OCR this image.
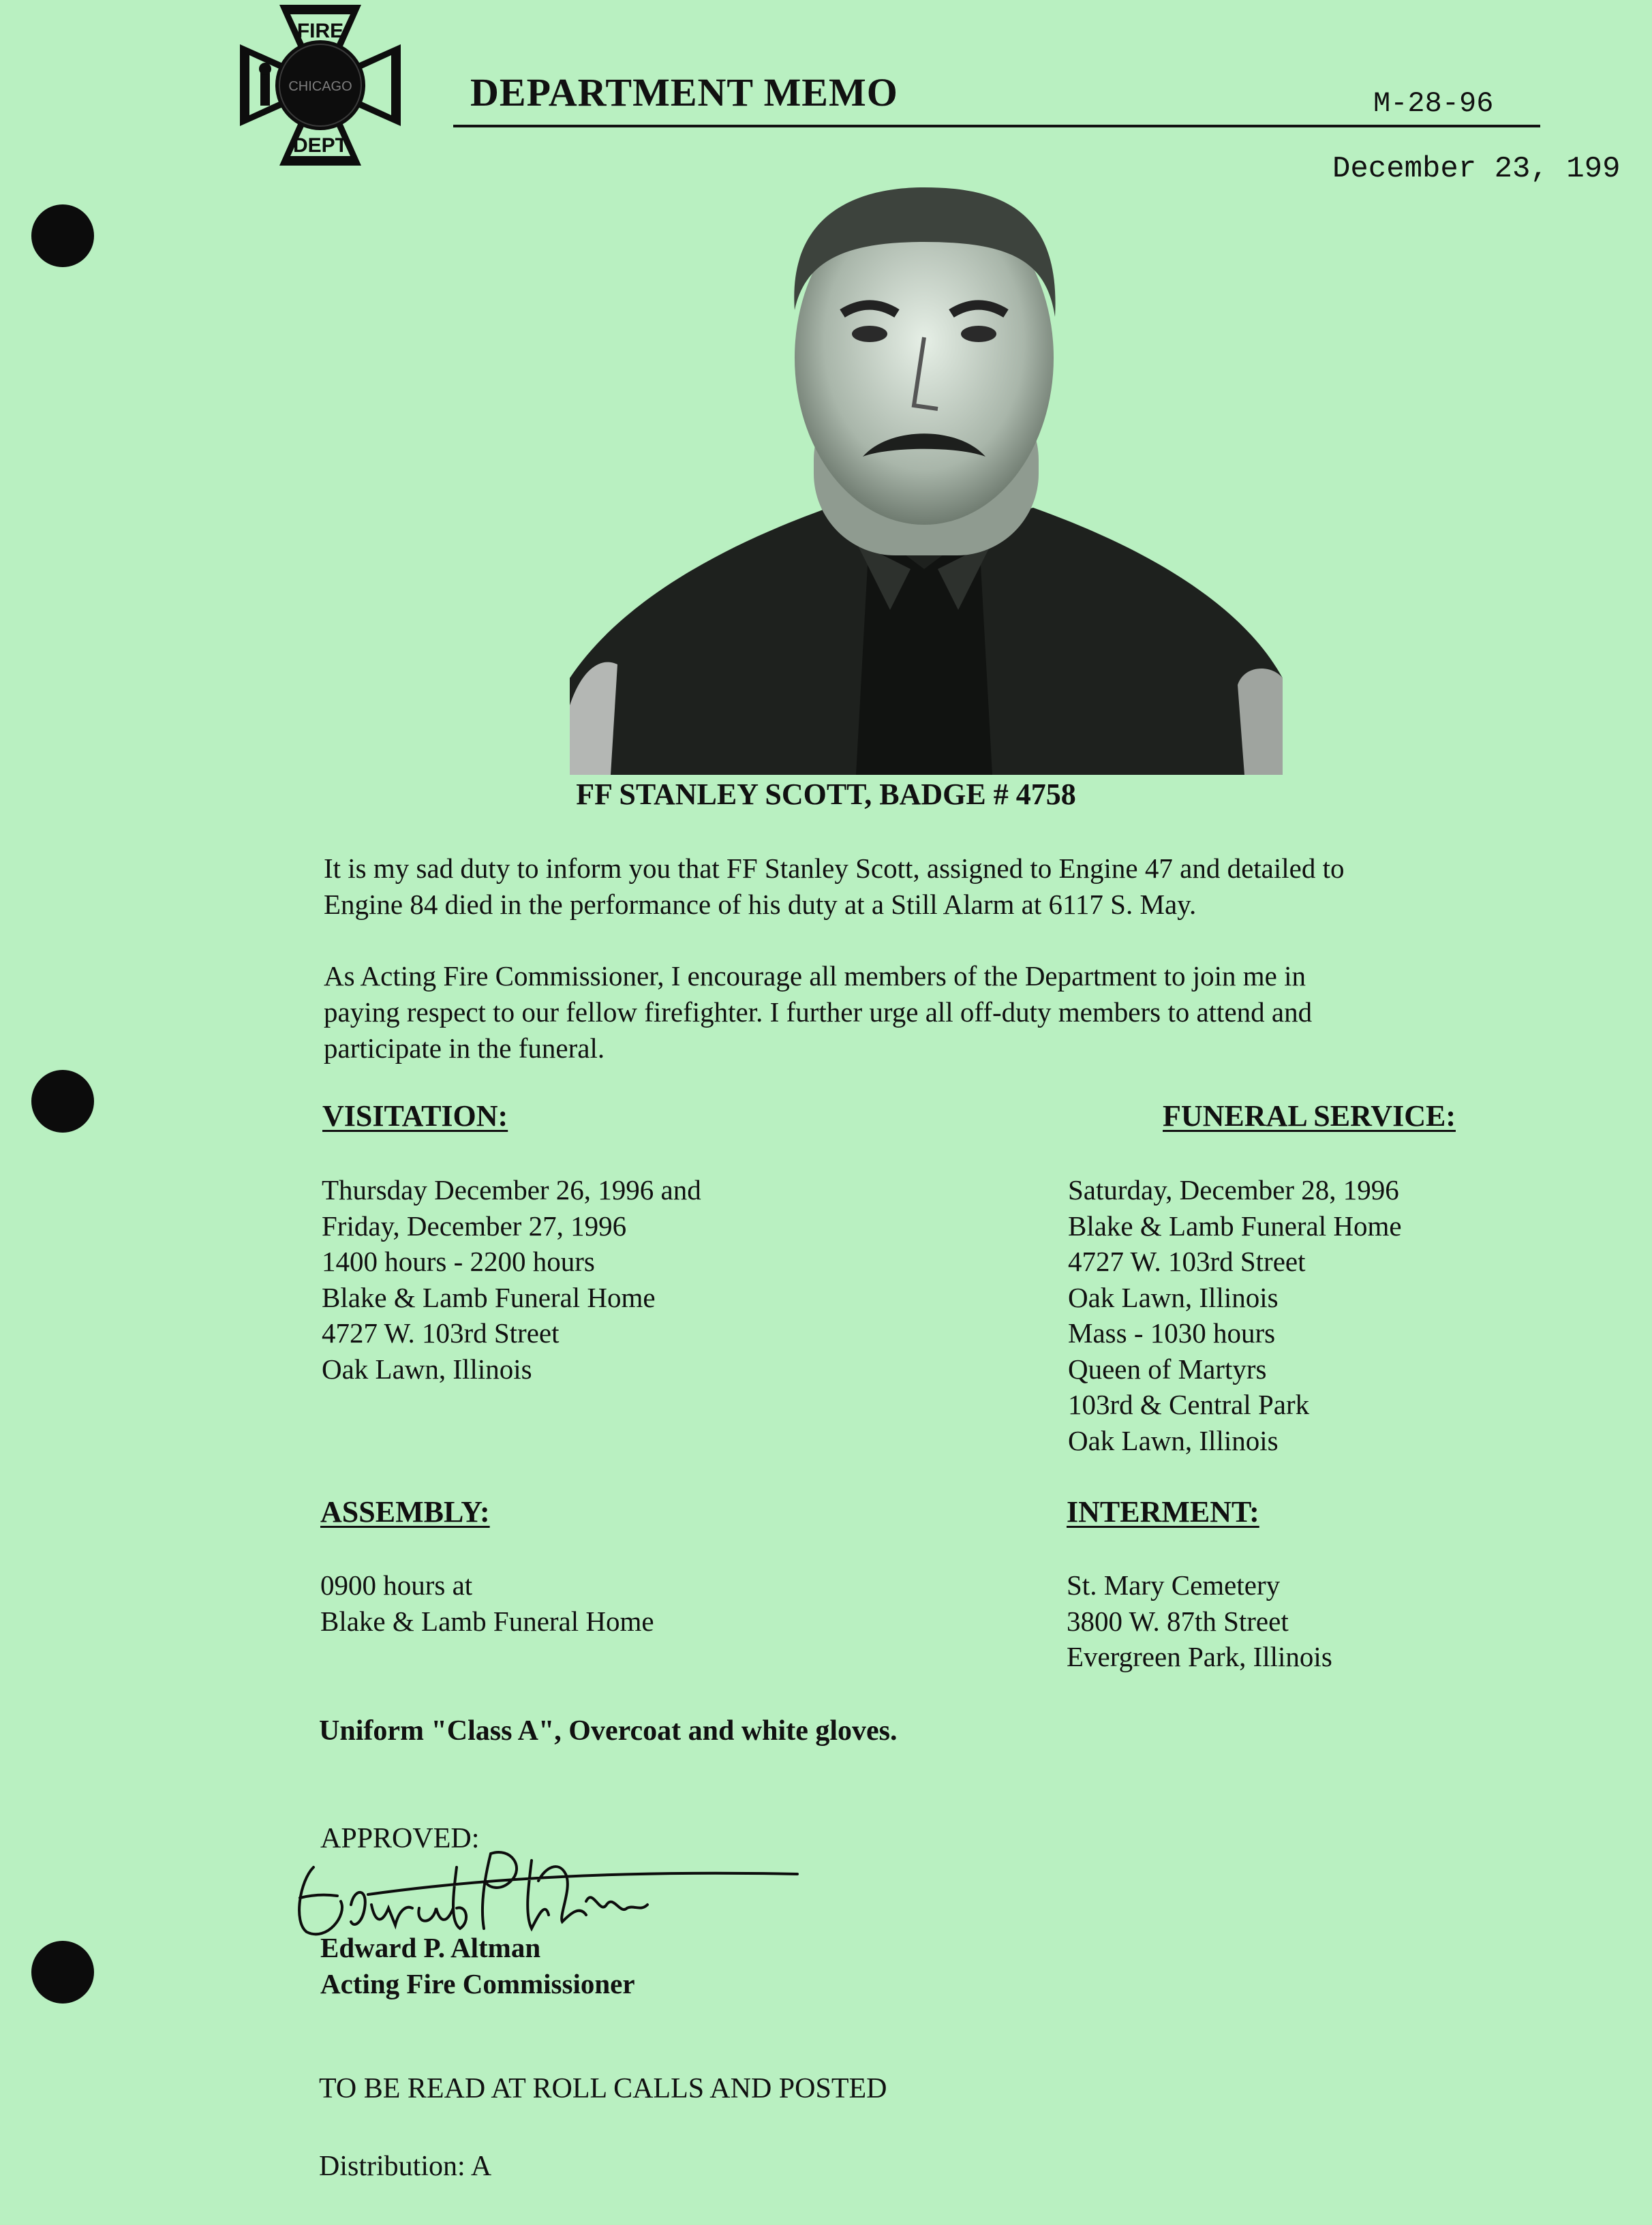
FIRE
CHICAGO
DEPT
DEPARTMENT MEMO	M-28-96
December 23, 199
FF STANLEY SCOTT, BADGE # 4758
It is my sad duty to inform you that FF Stanley Scott, assigned to Engine 47 and detailed to
Engine 84 died in the performance of his duty at a Still Alarm at 6117 S. May.
As Acting Fire Commissioner, I encourage all members of the Department to join me in
paying respect to our fellow firefighter. I further urge all off-duty members to attend and
participate in the funeral.
VISITATION:
Thursday December 26, 1996 and
Friday, December 27, 1996
1400 hours - 2200 hours
Blake & Lamb Funeral Home
4727 W. 103rd Street
Oak Lawn, Illinois
FUNERAL SERVICE:
Saturday, December 28, 1996
Blake & Lamb Funeral Home
4727 W. 103rd Street
Oak Lawn, Illinois
Mass - 1030 hours
Queen of Martyrs
103rd & Central Park
Oak Lawn, Illinois
ASSEMBLY:
0900 hours at
Blake & Lamb Funeral Home
INTERMENT:
St. Mary Cemetery
3800 W. 87th Street
Evergreen Park, Illinois
Uniform "Class A", Overcoat and white gloves.
APPROVED:
Edward P. Altman
Acting Fire Commissioner
TO BE READ AT ROLL CALLS AND POSTED
Distribution: A
